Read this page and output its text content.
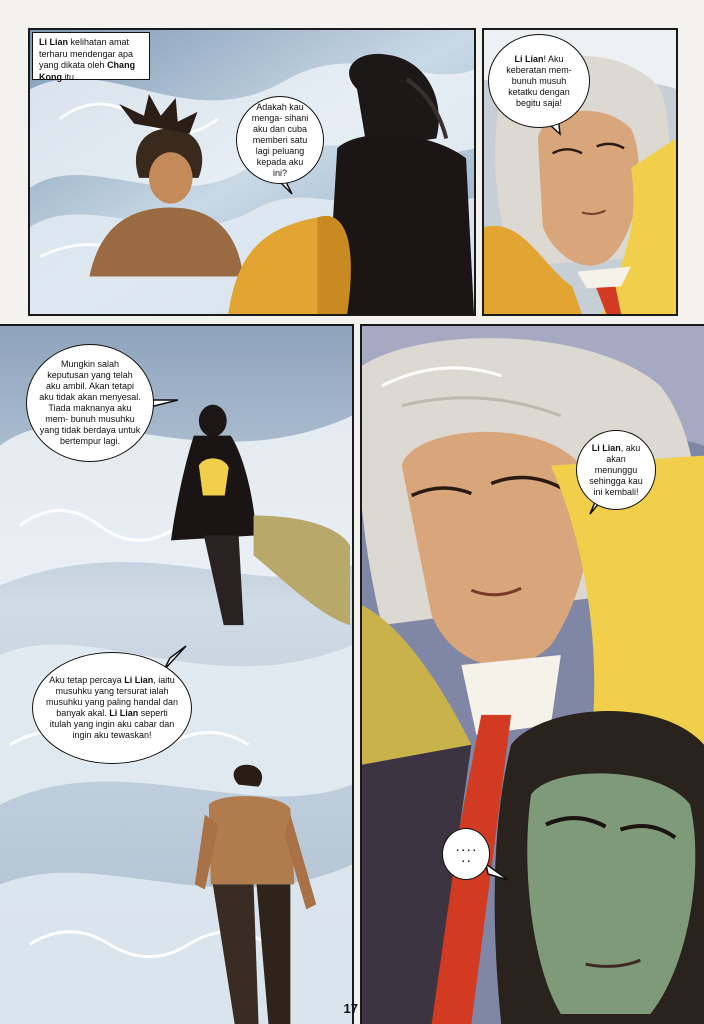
Li Lian kelihatan amat terharu mendengar apa yang dikata oleh Chang Kong itu.
Adakah kau menga- sihani aku dan cuba memberi satu lagi peluang kepada aku ini?
Li Lian! Aku keberatan mem- bunuh musuh ketatku dengan begitu saja!
Mungkin salah keputusan yang telah aku ambil. Akan tetapi aku tidak akan menyesal. Tiada maknanya aku mem- bunuh musuhku yang tidak berdaya untuk bertempur lagi.
Aku tetap percaya Li Lian, iaitu musuhku yang tersurat ialah musuhku yang paling handal dan banyak akal. Li Lian seperti itulah yang ingin aku cabar dan ingin aku tewaskan!
Li Lian, aku akan menunggu sehingga kau ini kembali!
. . . . . .
17
